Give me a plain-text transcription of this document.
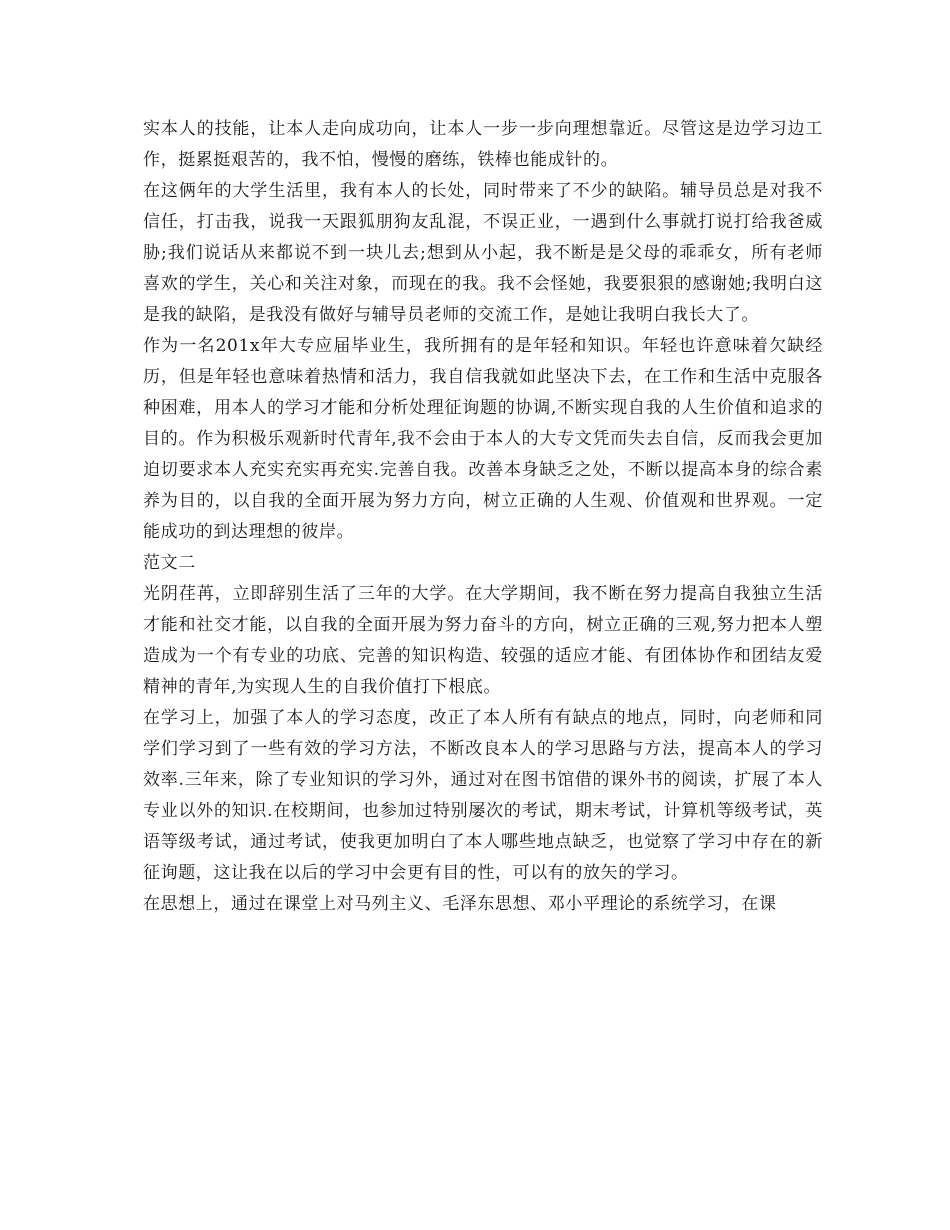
实本人的技能，让本人走向成功向，让本人一步一步向理想靠近。尽管这是边学习边工作，挺累挺艰苦的，我不怕，慢慢的磨练，铁棒也能成针的。

在这俩年的大学生活里，我有本人的长处，同时带来了不少的缺陷。辅导员总是对我不信任，打击我，说我一天跟狐朋狗友乱混，不误正业，一遇到什么事就打说打给我爸威胁;我们说话从来都说不到一块儿去;想到从小起，我不断是是父母的乖乖女，所有老师喜欢的学生，关心和关注对象，而现在的我。我不会怪她，我要狠狠的感谢她;我明白这是我的缺陷，是我没有做好与辅导员老师的交流工作，是她让我明白我长大了。

作为一名201x年大专应届毕业生，我所拥有的是年轻和知识。年轻也许意味着欠缺经历，但是年轻也意味着热情和活力，我自信我就如此坚决下去，在工作和生活中克服各种困难，用本人的学习才能和分析处理征询题的协调,不断实现自我的人生价值和追求的目的。作为积极乐观新时代青年,我不会由于本人的大专文凭而失去自信，反而我会更加迫切要求本人充实充实再充实.完善自我。改善本身缺乏之处，不断以提高本身的综合素养为目的，以自我的全面开展为努力方向，树立正确的人生观、价值观和世界观。一定能成功的到达理想的彼岸。

范文二

光阴荏苒，立即辞别生活了三年的大学。在大学期间，我不断在努力提高自我独立生活才能和社交才能，以自我的全面开展为努力奋斗的方向，树立正确的三观,努力把本人塑造成为一个有专业的功底、完善的知识构造、较强的适应才能、有团体协作和团结友爱精神的青年,为实现人生的自我价值打下根底。

在学习上，加强了本人的学习态度，改正了本人所有有缺点的地点，同时，向老师和同学们学习到了一些有效的学习方法，不断改良本人的学习思路与方法，提高本人的学习效率.三年来，除了专业知识的学习外，通过对在图书馆借的课外书的阅读，扩展了本人专业以外的知识.在校期间，也参加过特别屡次的考试，期末考试，计算机等级考试，英语等级考试，通过考试，使我更加明白了本人哪些地点缺乏，也觉察了学习中存在的新征询题，这让我在以后的学习中会更有目的性，可以有的放矢的学习。

在思想上，通过在课堂上对马列主义、毛泽东思想、邓小平理论的系统学习，在课
